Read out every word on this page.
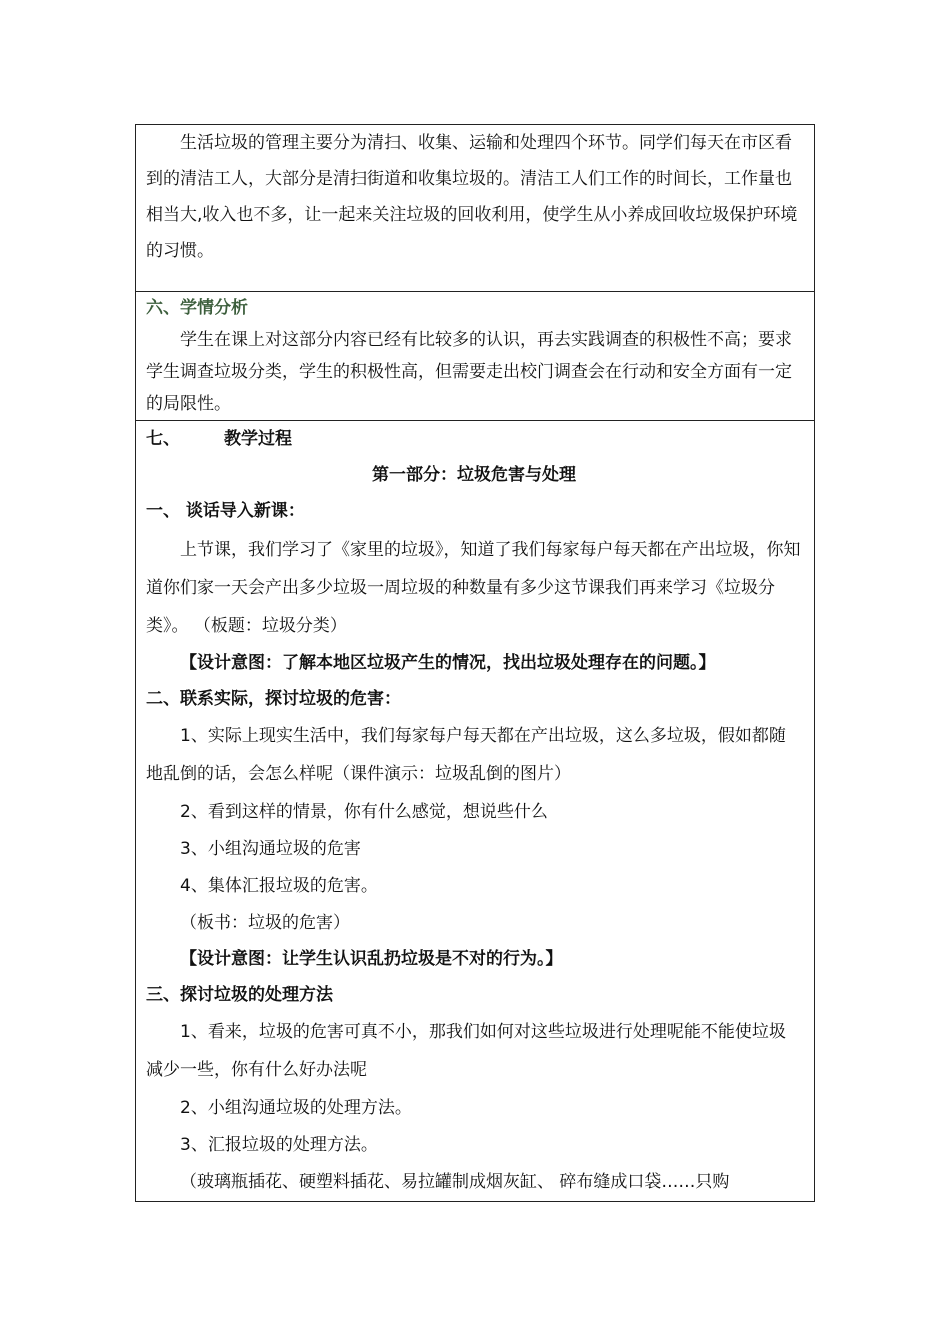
生活垃圾的管理主要分为清扫、收集、运输和处理四个环节。同学们每天在市区看到的清洁工人，大部分是清扫街道和收集垃圾的。清洁工人们工作的时间长，工作量也相当大,收入也不多，让一起来关注垃圾的回收利用，使学生从小养成回收垃圾保护环境的习惯。

六、学情分析

学生在课上对这部分内容已经有比较多的认识，再去实践调查的积极性不高；要求学生调查垃圾分类，学生的积极性高，但需要走出校门调查会在行动和安全方面有一定的局限性。

七、	教学过程

第一部分：垃圾危害与处理

一、 谈话导入新课：

上节课，我们学习了《家里的垃圾》，知道了我们每家每户每天都在产出垃圾，你知道你们家一天会产出多少垃圾一周垃圾的种数量有多少这节课我们再来学习《垃圾分类》。 （板题：垃圾分类）

【设计意图：了解本地区垃圾产生的情况，找出垃圾处理存在的问题。】

二、联系实际，探讨垃圾的危害：

1、实际上现实生活中，我们每家每户每天都在产出垃圾，这么多垃圾，假如都随地乱倒的话，会怎么样呢（课件演示：垃圾乱倒的图片）

2、看到这样的情景，你有什么感觉，想说些什么

3、小组沟通垃圾的危害

4、集体汇报垃圾的危害。

（板书：垃圾的危害）

【设计意图：让学生认识乱扔垃圾是不对的行为。】

三、探讨垃圾的处理方法

1、看来，垃圾的危害可真不小，那我们如何对这些垃圾进行处理呢能不能使垃圾减少一些，你有什么好办法呢

2、小组沟通垃圾的处理方法。

3、汇报垃圾的处理方法。

（玻璃瓶插花、硬塑料插花、易拉罐制成烟灰缸、 碎布缝成口袋……只购
